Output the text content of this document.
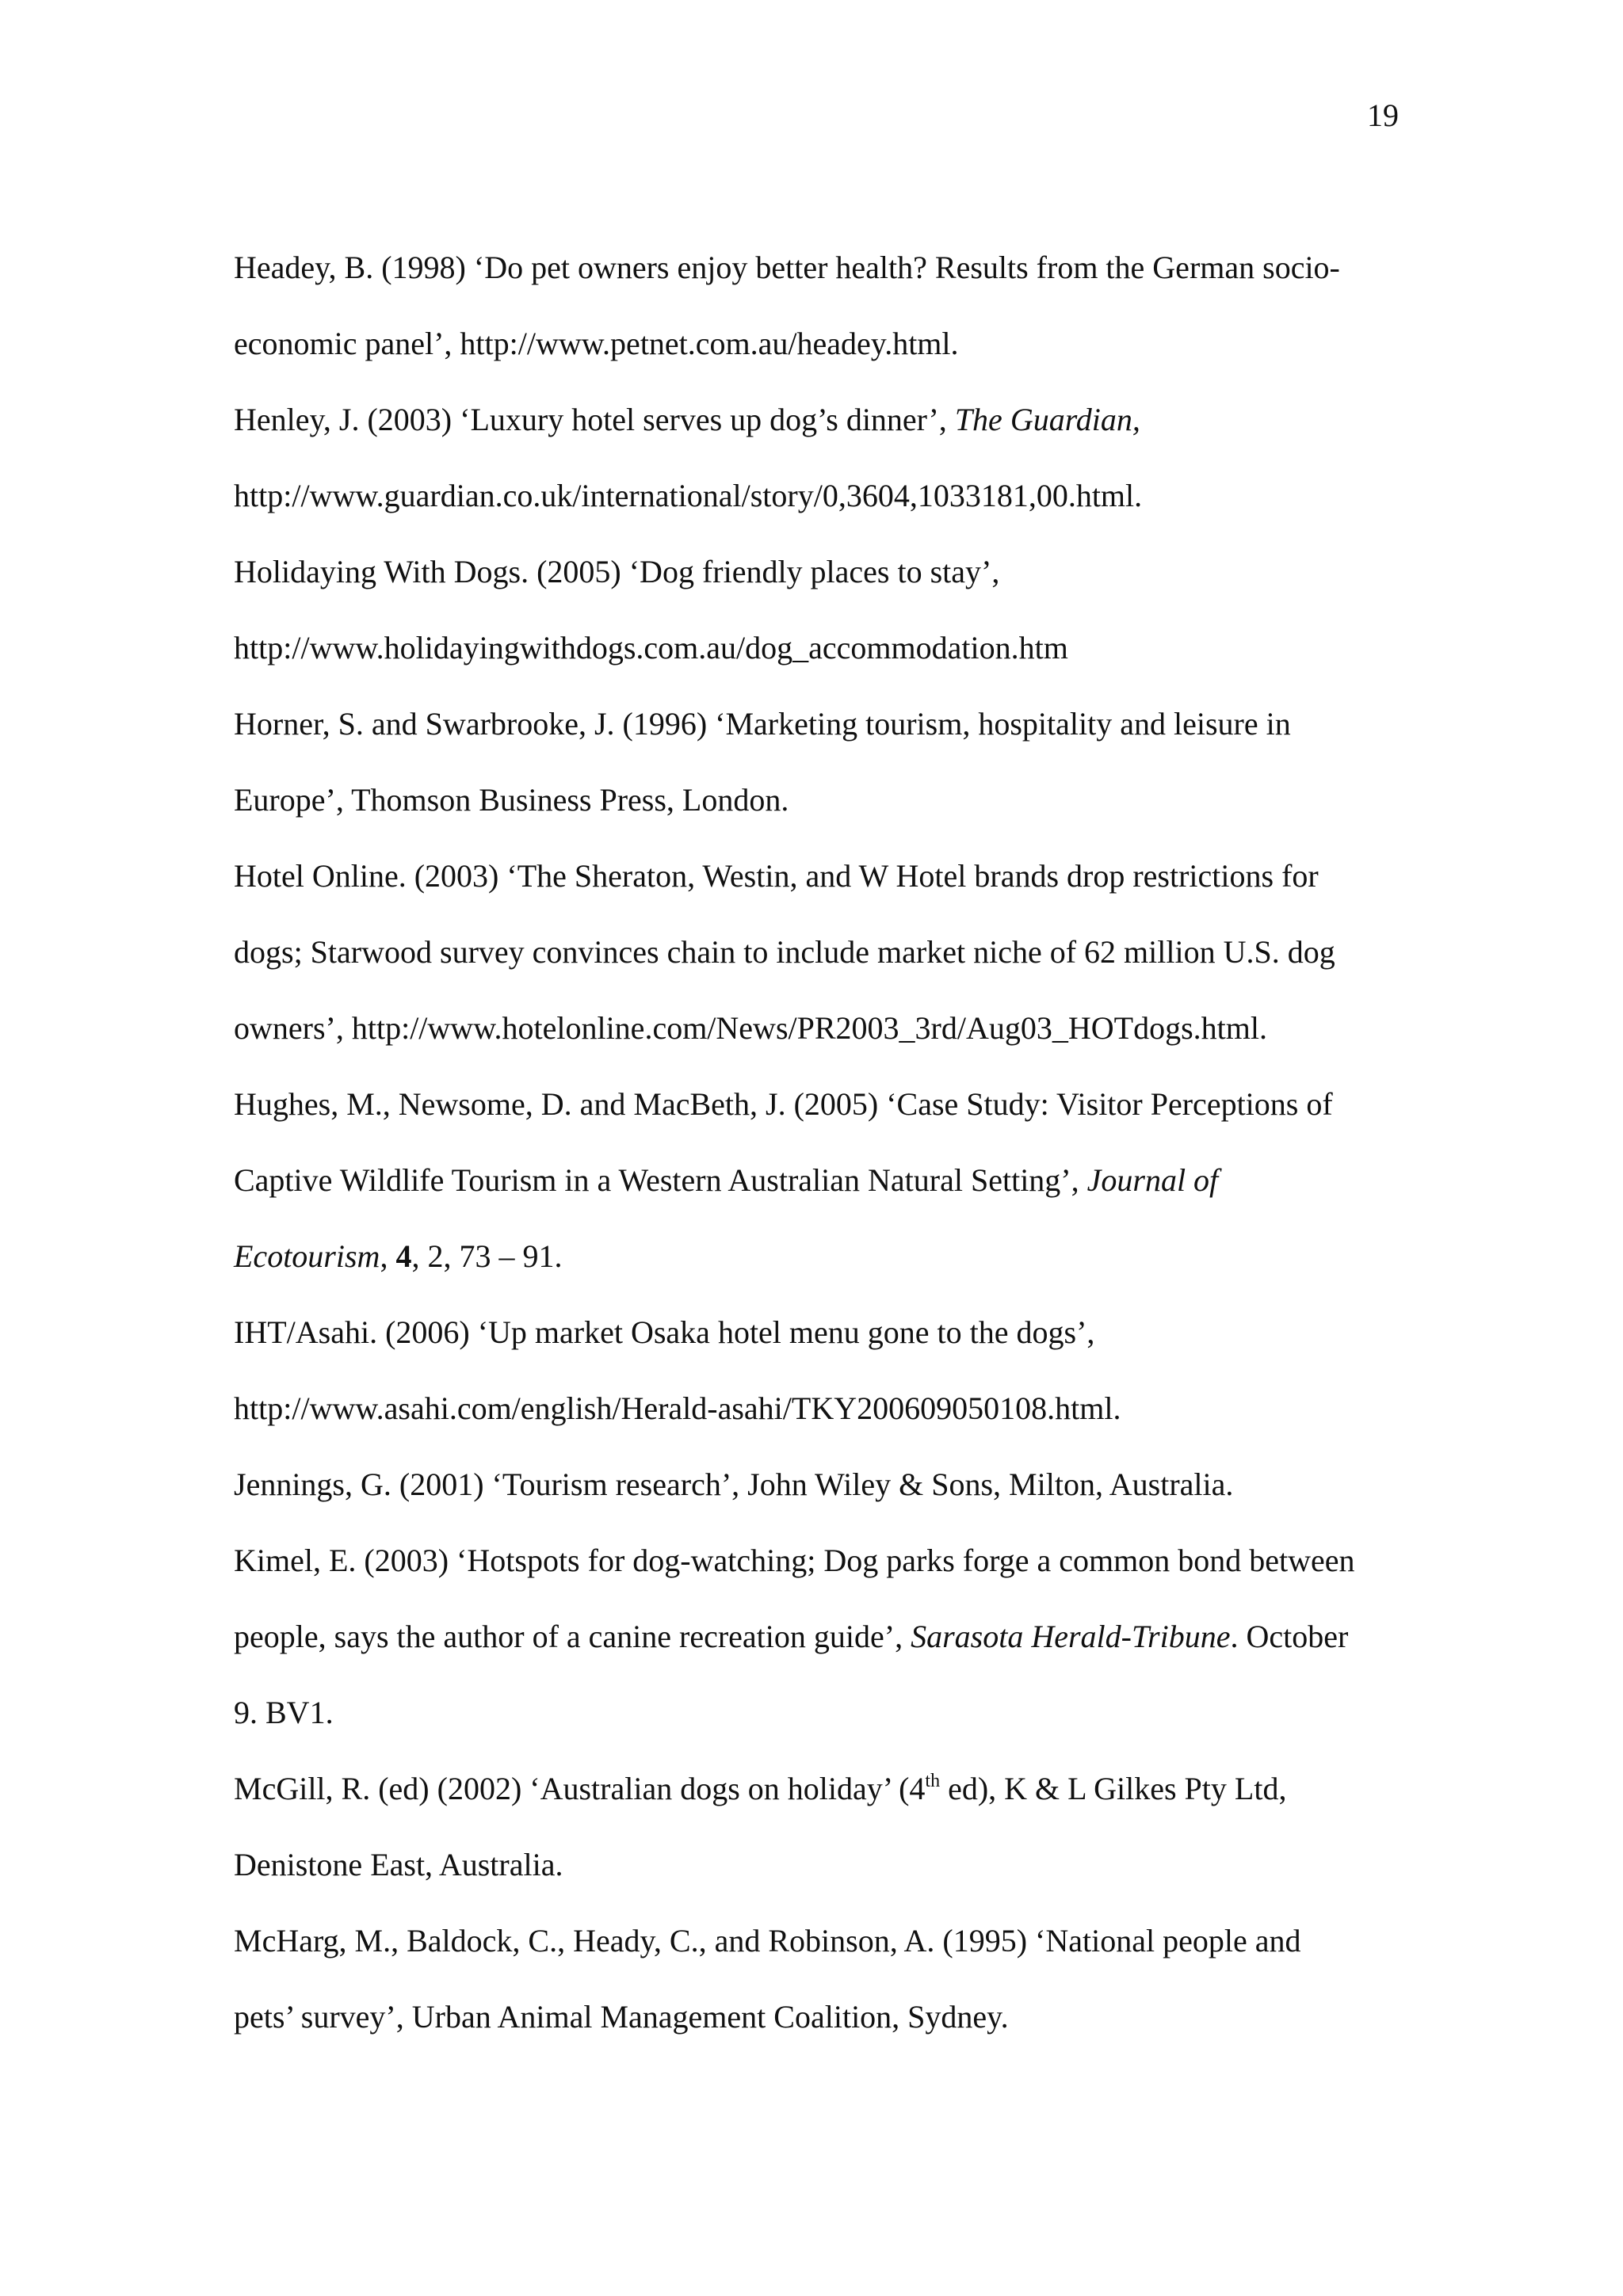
19
Headey, B. (1998) ‘Do pet owners enjoy better health? Results from the German socio-
economic panel’, http://www.petnet.com.au/headey.html.
Henley, J. (2003) ‘Luxury hotel serves up dog’s dinner’, The Guardian,
http://www.guardian.co.uk/international/story/0,3604,1033181,00.html.
Holidaying With Dogs. (2005) ‘Dog friendly places to stay’,
http://www.holidayingwithdogs.com.au/dog_accommodation.htm
Horner, S. and Swarbrooke, J. (1996) ‘Marketing tourism, hospitality and leisure in
Europe’, Thomson Business Press, London.
Hotel Online. (2003) ‘The Sheraton, Westin, and W Hotel brands drop restrictions for
dogs; Starwood survey convinces chain to include market niche of 62 million U.S. dog
owners’, http://www.hotelonline.com/News/PR2003_3rd/Aug03_HOTdogs.html.
Hughes, M., Newsome, D. and MacBeth, J. (2005) ‘Case Study: Visitor Perceptions of
Captive Wildlife Tourism in a Western Australian Natural Setting’, Journal of
Ecotourism, 4, 2, 73 – 91.
IHT/Asahi. (2006) ‘Up market Osaka hotel menu gone to the dogs’,
http://www.asahi.com/english/Herald-asahi/TKY200609050108.html.
Jennings, G. (2001) ‘Tourism research’, John Wiley & Sons, Milton, Australia.
Kimel, E. (2003) ‘Hotspots for dog-watching; Dog parks forge a common bond between
people, says the author of a canine recreation guide’, Sarasota Herald-Tribune. October
9. BV1.
McGill, R. (ed) (2002) ‘Australian dogs on holiday’ (4th ed), K & L Gilkes Pty Ltd,
Denistone East, Australia.
McHarg, M., Baldock, C., Heady, C., and Robinson, A. (1995) ‘National people and
pets’ survey’, Urban Animal Management Coalition, Sydney.
